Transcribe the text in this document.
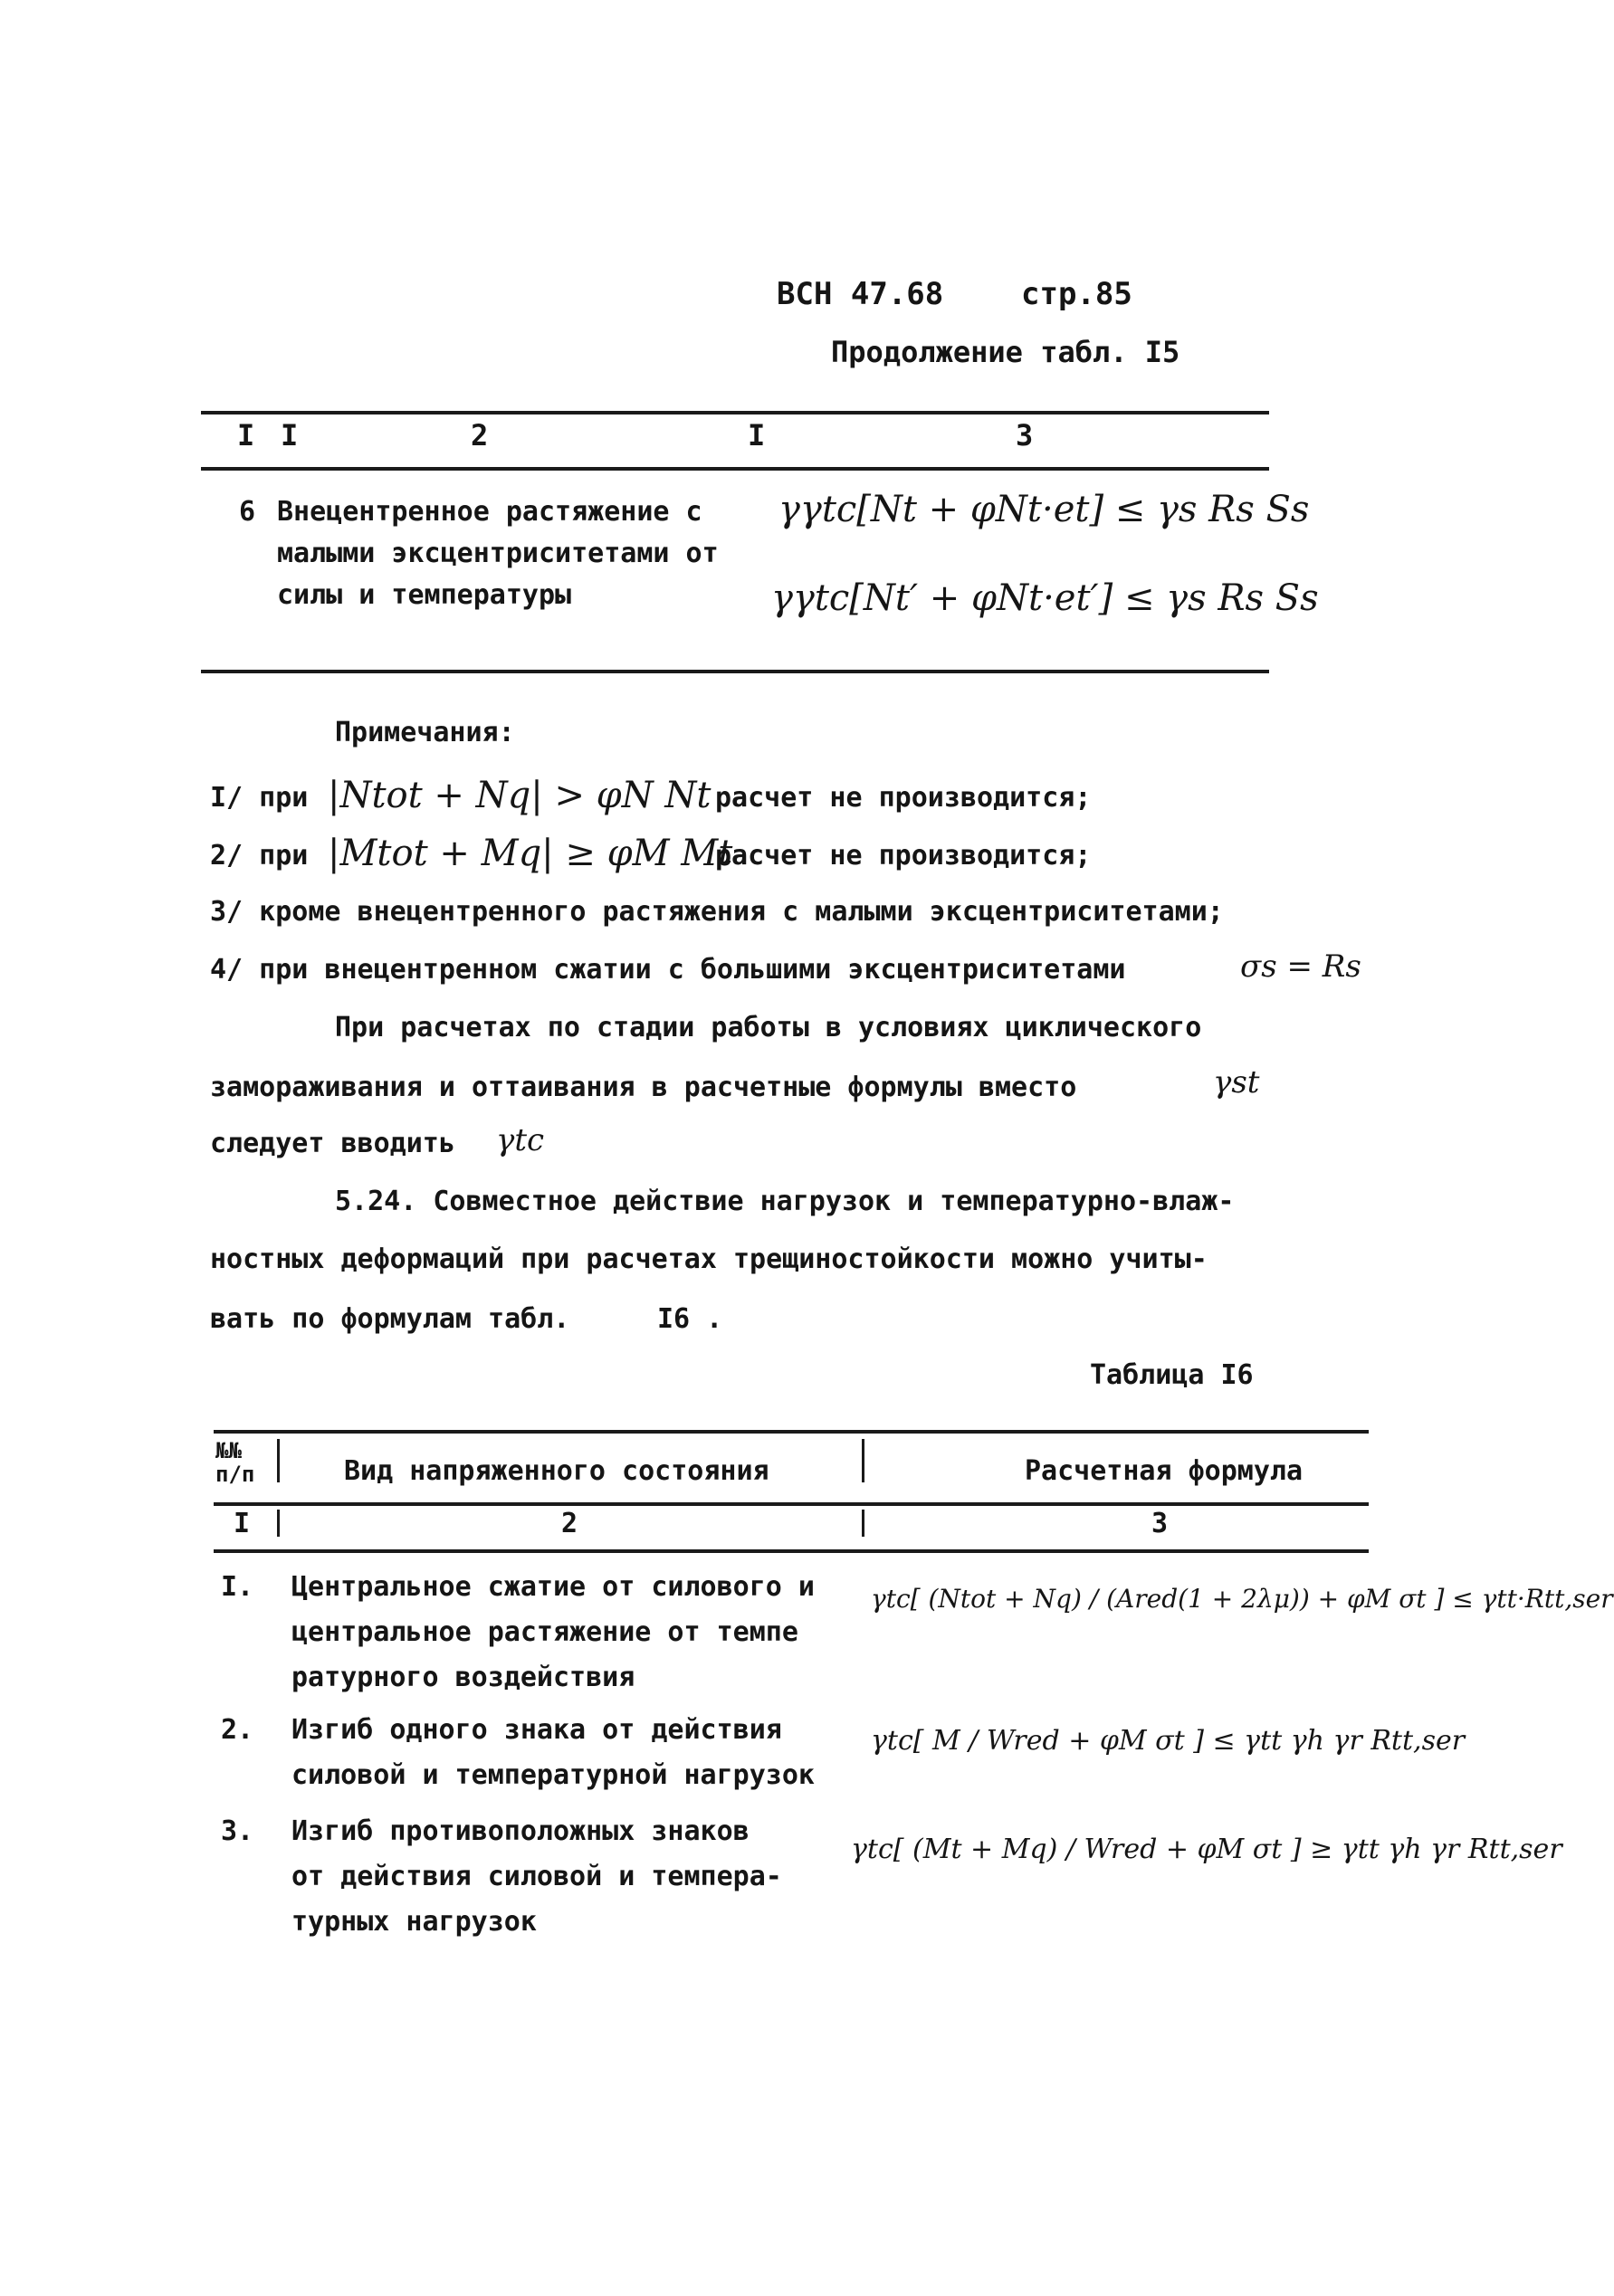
ВСН 47.68	стр.85
Продолжение табл. I5
I I	2	I	3
6 Внецентренное растяжение с
малыми эксцентриситетами от
силы и температуры
γγtc[Nt + φNt·et] ≤ γs Rs Ss
γγtc[Nt′ + φNt·et′] ≤ γs Rs Ss
Примечания:
I/ при |Ntot + Nq| > φN Nt расчет не производится;
2/ при |Mtot + Mq| ≥ φM Mt
расчет не производится;
3/ кроме внецентренного растяжения с малыми эксцентриситетами;
4/ при внецентренном сжатии с большими эксцентриситетами	σs = Rs
При расчетах по стадии работы в условиях циклического
замораживания и оттаивания в расчетные формулы вместо	γst
следует вводить γtc
5.24. Совместное действие нагрузок и температурно-влаж-
ностных деформаций при расчетах трещиностойкости можно учиты-
вать по формулам табл.	I6 .
Таблица I6
№№ п/п	Вид напряженного состояния	Расчетная формула
I	2	3
I. Центральное сжатие от силового и
центральное растяжение от темпе
ратурного воздействия
γtc[ (Ntot + Nq) / (Ared(1 + 2λμ)) + φM σt ] ≤ γtt·Rtt,ser
2. Изгиб одного знака от действия
силовой и температурной нагрузок
γtc[ M / Wred + φM σt ] ≤ γtt γh γr Rtt,ser
3. Изгиб противоположных знаков
от действия силовой и темпера-
турных нагрузок
γtc[ (Mt + Mq) / Wred + φM σt ] ≥ γtt γh γr Rtt,ser
